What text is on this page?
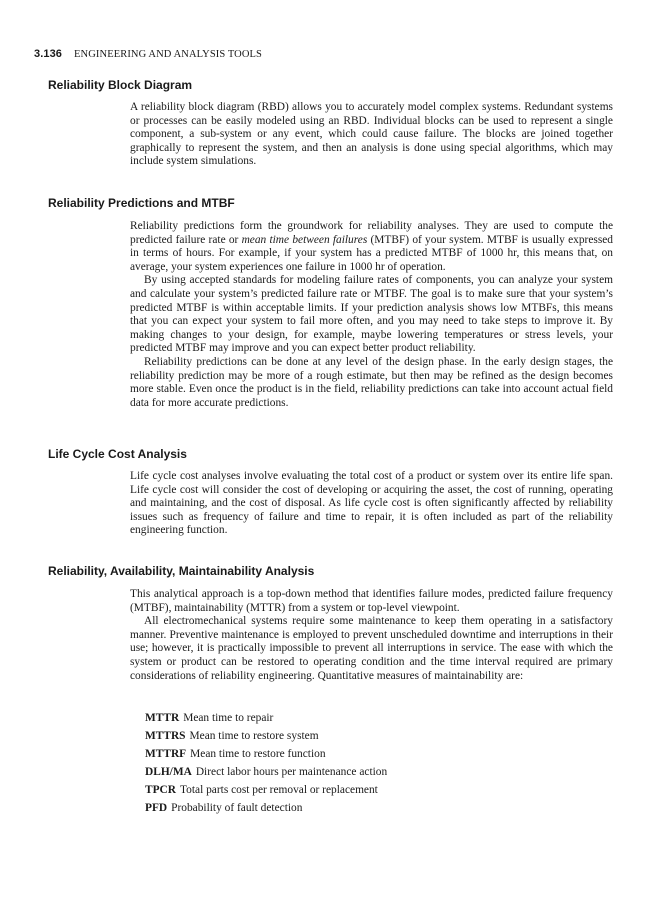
3.136 ENGINEERING AND ANALYSIS TOOLS
Reliability Block Diagram

A reliability block diagram (RBD) allows you to accurately model complex systems. Redundant systems or processes can be easily modeled using an RBD. Individual blocks can be used to represent a single component, a sub-system or any event, which could cause failure. The blocks are joined together graphically to represent the system, and then an analysis is done using special algorithms, which may include system simulations.

Reliability Predictions and MTBF

Reliability predictions form the groundwork for reliability analyses. They are used to compute the predicted failure rate or mean time between failures (MTBF) of your system. MTBF is usually expressed in terms of hours. For example, if your system has a predicted MTBF of 1000 hr, this means that, on average, your system experiences one failure in 1000 hr of operation.

By using accepted standards for modeling failure rates of components, you can analyze your system and calculate your system’s predicted failure rate or MTBF. The goal is to make sure that your system’s predicted MTBF is within acceptable limits. If your prediction analysis shows low MTBFs, this means that you can expect your system to fail more often, and you may need to take steps to improve it. By making changes to your design, for example, maybe lowering temperatures or stress levels, your predicted MTBF may improve and you can expect better product reliability.

Reliability predictions can be done at any level of the design phase. In the early design stages, the reliability prediction may be more of a rough estimate, but then may be refined as the design becomes more stable. Even once the product is in the field, reliability predictions can take into account actual field data for more accurate predictions.

Life Cycle Cost Analysis

Life cycle cost analyses involve evaluating the total cost of a product or system over its entire life span. Life cycle cost will consider the cost of developing or acquiring the asset, the cost of running, operating and maintaining, and the cost of disposal. As life cycle cost is often significantly affected by reliability issues such as frequency of failure and time to repair, it is often included as part of the reliability engineering function.

Reliability, Availability, Maintainability Analysis

This analytical approach is a top-down method that identifies failure modes, predicted failure frequency (MTBF), maintainability (MTTR) from a system or top-level viewpoint.

All electromechanical systems require some maintenance to keep them operating in a satisfactory manner. Preventive maintenance is employed to prevent unscheduled downtime and interruptions in their use; however, it is practically impossible to prevent all interruptions in service. The ease with which the system or product can be restored to operating condition and the time interval required are primary considerations of reliability engineering. Quantitative measures of maintainability are:

MTTR Mean time to repair
MTTRS Mean time to restore system
MTTRF Mean time to restore function
DLH/MA Direct labor hours per maintenance action
TPCR Total parts cost per removal or replacement
PFD Probability of fault detection
